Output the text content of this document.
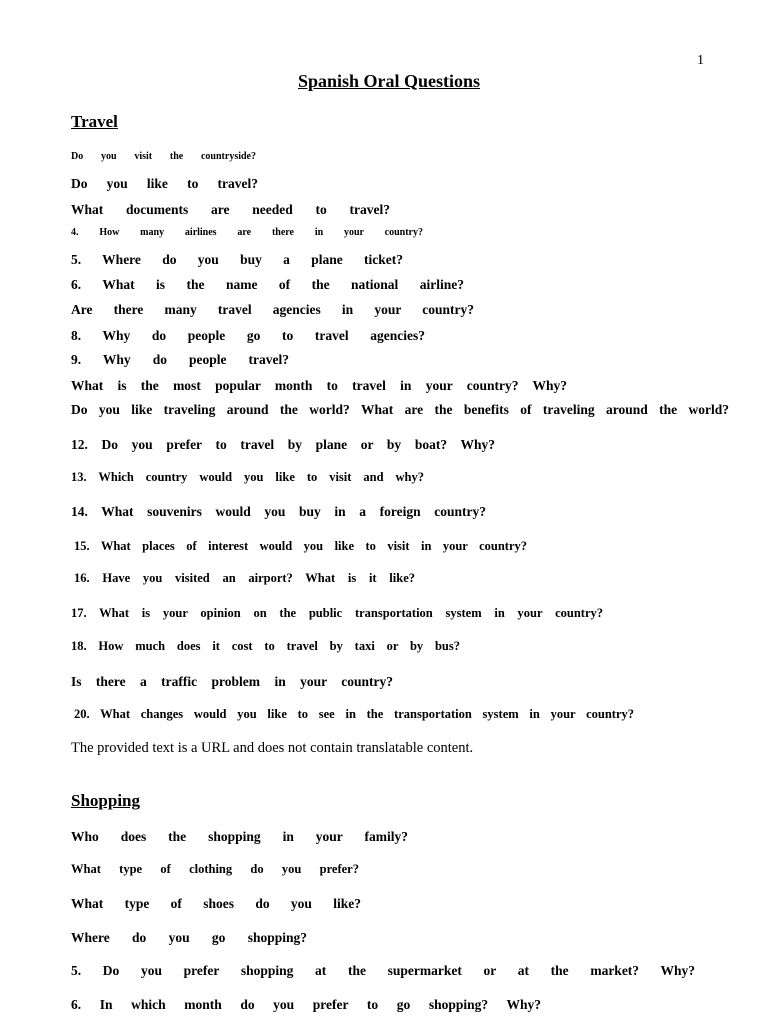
1
Spanish Oral Questions
Travel
Do you visit the countryside?
Do you like to travel?
What documents are needed to travel?
4. How many airlines are there in your country?
5. Where do you buy a plane ticket?
6. What is the name of the national airline?
Are there many travel agencies in your country?
8. Why do people go to travel agencies?
9. Why do people travel?
What is the most popular month to travel in your country? Why?
Do you like traveling around the world? What are the benefits of traveling around the world?
12. Do you prefer to travel by plane or by boat? Why?
13. Which country would you like to visit and why?
14. What souvenirs would you buy in a foreign country?
15. What places of interest would you like to visit in your country?
16. Have you visited an airport? What is it like?
17. What is your opinion on the public transportation system in your country?
18. How much does it cost to travel by taxi or by bus?
Is there a traffic problem in your country?
20. What changes would you like to see in the transportation system in your country?
The provided text is a URL and does not contain translatable content.
Shopping
Who does the shopping in your family?
What type of clothing do you prefer?
What type of shoes do you like?
Where do you go shopping?
5. Do you prefer shopping at the supermarket or at the market? Why?
6. In which month do you prefer to go shopping? Why?
